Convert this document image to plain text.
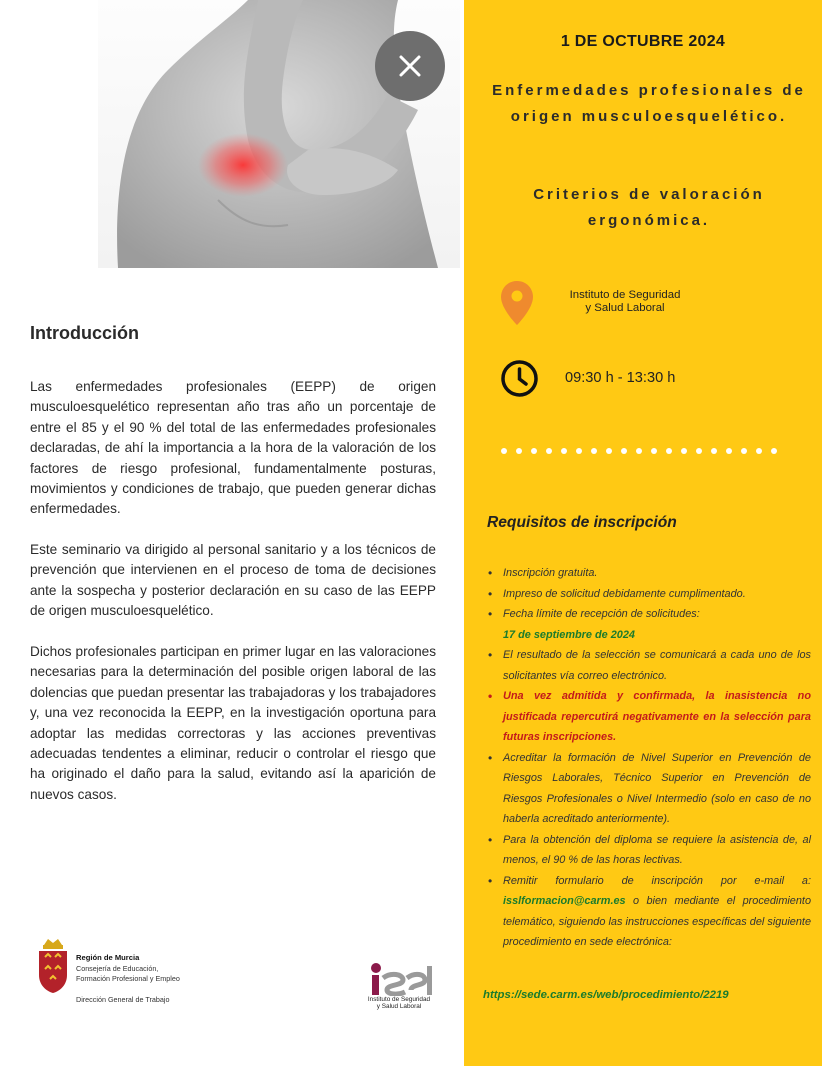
Introducción

Las enfermedades profesionales (EEPP) de origen musculoesquelético representan año tras año un porcentaje de entre el 85 y el 90 % del total de las enfermedades profesionales declaradas, de ahí la importancia a la hora de la valoración de los factores de riesgo profesional, fundamentalmente posturas, movimientos y condiciones de trabajo, que pueden generar dichas enfermedades.

Este seminario va dirigido al personal sanitario y a los técnicos de prevención que intervienen en el proceso de toma de decisiones ante la sospecha y posterior declaración en su caso de las EEPP de origen musculoesquelético.

Dichos profesionales participan en primer lugar en las valoraciones necesarias para la determinación del posible origen laboral de las dolencias que puedan presentar las trabajadoras y los trabajadores y, una vez reconocida la EEPP, en la investigación oportuna para adoptar las medidas correctoras y las acciones preventivas adecuadas tendentes a eliminar, reducir o controlar el riesgo que ha originado el daño para la salud, evitando así la aparición de nuevos casos.

Región de Murcia
Consejería de Educación,
Formación Profesional y Empleo
Dirección General de Trabajo	Instituto de Seguridad
y Salud Laboral
1 DE OCTUBRE 2024
Enfermedades profesionales de origen musculoesquelético.
Criterios de valoración ergonómica.
Instituto de Seguridad
y Salud Laboral
09:30 h - 13:30 h
Requisitos de inscripción
• Inscripción gratuita.
• Impreso de solicitud debidamente cumplimentado.
• Fecha límite de recepción de solicitudes:
17 de septiembre de 2024
• El resultado de la selección se comunicará a cada uno de los solicitantes vía correo electrónico.
• Una vez admitida y confirmada, la inasistencia no justificada repercutirá negativamente en la selección para futuras inscripciones.
• Acreditar la formación de Nivel Superior en Prevención de Riesgos Laborales, Técnico Superior en Prevención de Riesgos Profesionales o Nivel Intermedio (solo en caso de no haberla acreditado anteriormente).
• Para la obtención del diploma se requiere la asistencia de, al menos, el 90 % de las horas lectivas.
• Remitir formulario de inscripción por e-mail a: isslformacion@carm.es o bien mediante el procedimiento telemático, siguiendo las instrucciones específicas del siguiente procedimiento en sede electrónica:
https://sede.carm.es/web/procedimiento/2219
